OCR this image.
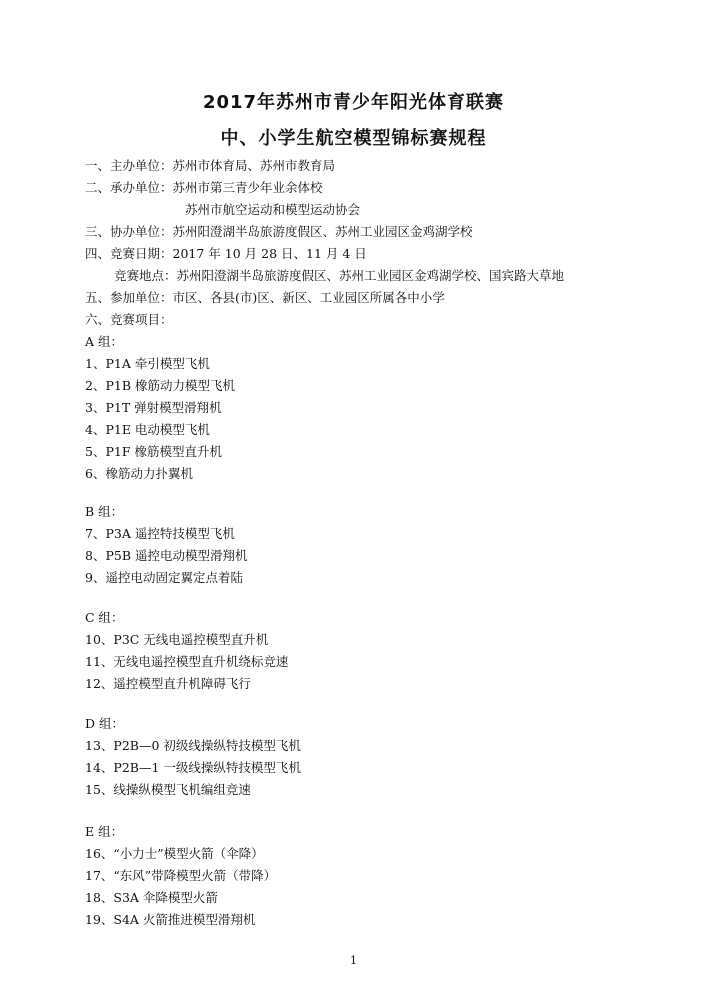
2017年苏州市青少年阳光体育联赛
中、小学生航空模型锦标赛规程

一、主办单位：苏州市体育局、苏州市教育局

二、承办单位：苏州市第三青少年业余体校

苏州市航空运动和模型运动协会

三、协办单位：苏州阳澄湖半岛旅游度假区、苏州工业园区金鸡湖学校

四、竞赛日期：2017 年 10 月 28 日、11 月 4 日

竞赛地点：苏州阳澄湖半岛旅游度假区、苏州工业园区金鸡湖学校、国宾路大草地

五、参加单位：市区、各县(市)区、新区、工业园区所属各中小学

六、竞赛项目：

A 组：

1、P1A 牵引模型飞机

2、P1B 橡筋动力模型飞机

3、P1T 弹射模型滑翔机

4、P1E 电动模型飞机

5、P1F 橡筋模型直升机

6、橡筋动力扑翼机

B 组：

7、P3A 遥控特技模型飞机

8、P5B 遥控电动模型滑翔机

9、遥控电动固定翼定点着陆

C 组：

10、P3C 无线电遥控模型直升机

11、无线电遥控模型直升机绕标竞速

12、遥控模型直升机障碍飞行

D 组：

13、P2B—0 初级线操纵特技模型飞机

14、P2B—1 一级线操纵特技模型飞机

15、线操纵模型飞机编组竞速

E 组：

16、“小力士”模型火箭（伞降）

17、“东风”带降模型火箭（带降）

18、S3A 伞降模型火箭

19、S4A 火箭推进模型滑翔机

1
